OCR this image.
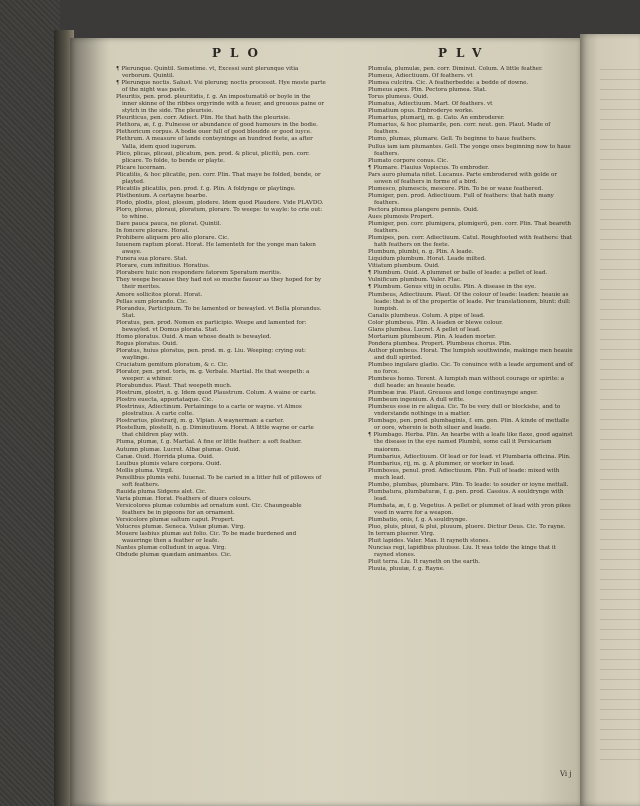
PLO	PLV

¶ Plerunque. Quintil. Sometime. vt, Excessi sunt plerunque vitia verborum. Quintil.

¶ Plerunque noctis. Salust. Vsi plerunq; noctis processit. Hye moste parte of the night was paste.

Pleuritis, pen. prod. pleuritidis, f. g. An impostumatiõ or boyle in the inner skinne of the ribbes orgyrinde with a feuer, and greuous paine or stytch in the side. The pleurisie.

Pleuriticus, pen. corr. Adiect. Plin. He that hath the pleurisie.

Plethora, æ, f. g. Fulnesse or abundance of good humours in the bodie.

Plethoricum corpus. A bodie ouer full of good bloudde or good iuyce.

Plethrum. A measure of lande conteyninge an hundred feete, as after Valla, idem quod iugerum.

Plico, plicas, plicaui, plicatum, pen. prod. & plicui, plicitũ, pen. corr. plicare. To folde, to bende or playte.

Plicare lucernam.

Plicatilis, & hoc plicatile, pen. corr. Plin. That maye be folded, bende, or playted.

Plicatilis plicatilis, pen. prod. f. g. Plin. A foldynge or playtinge.

Plisthenium. A certayne hearbe.

Plodo, plodis, plosi, plosum, plodere. Idem quod Plaudere. Vide PLAVDO.

Ploro, ploras, ploraui, ploratum, plorare. To weepe: to wayle: to crie out: to whine.

Dare pauca pauca, ne plorat. Quintil.

In foncere plorare. Horat.

Prohibere aliquem pro alio plorare. Cic.

Iuuenem raptum plorat. Horat. He lamenteth for the yonge man taken awaye.

Funera sua plorare. Stat.

Plorare, cum infinitiuo. Horatius.

Plorabere huic non respondere fatorem Speratum meritis.

They weepe because they had not so muche fauour as they hoped for by their merites.

Amore sollicitos plorat. Horat.

Pellas sum plorando. Cic.

Plorandus, Participium. To be lamented or bewayled. vt Bella plorandus. Stat.

Ploratus, pen. prod. Nomen ex participio. Weepe and lamented for: bewayled. vt Domus plorata. Stat.

Homo ploratus. Ouid. A man whose death is bewayled.

Rogus ploratus. Ouid.

Ploratus, huius ploratus, pen. prod. m. g. Liu. Weeping: crying out: waylinge.

Cruciatum gemitum ploratum, & c. Cic.

Plorator, pen. prod. toris, m. g. Verbale. Martial. He that weepeth: a weeper: a whiner.

Plorabundus. Plaut. That weepeth much.

Plostrum, plostri, n. g. Idem quod Plaustrum. Colum. A waine or carte.

Plostro euecta, apportataque. Cic.

Plostrinus, Adiectinum. Pertaininge to a carte or wayne. vt Almos plostratius. A carte colte.

Plostrarius, plostrarij, m. g. Vlpian. A waynerman: a carter.

Plostellum, plostelli, n. g. Diminutiuum. Horat. A little wayne or carte that children play with.

Pluma, plumæ, f. g. Martial. A fine or little feather: a soft feather.

Autumn plumæ. Lucret. Albæ plumæ. Ouid.

Canæ. Ouid. Horrida pluma. Ouid.

Leuibus plumis velare corpora. Ouid.

Mollis pluma. Virgil.

Pensilibus plumis vehi. Iuuenal. To be caried in a litter full of pillowes of soft feathers.

Rauida pluma Sidgens alet. Cic.

Varia plumæ. Horat. Feathers of diuers colours.

Versicolores plumæ columbis ad ornatum sunt. Cic. Chaungeable feathers be in pigeons for an ornament.

Versicolore plumæ saltum caput. Propert.

Volucres plumæ. Seneca. Vulsæ plumæ. Virg.

Mouere lasbius plumæ aut folio. Cic. To be made burdened and waueringe then a feather or leafe.

Nantes plumæ colludunt in aqua. Virg.

Obdude plumæ quædam animantes. Cic.

Plumula, plumulæ, pen. corr. Diminut. Colum. A little feather.

Plumeus, Adiectiuum. Of feathers. vt

Plumea culcitra. Cic. A featherbedde: a bedde of downe.

Plumeus apex. Plin. Pectora plumea. Stat.

Torus plumeus. Ouid.

Plumatus, Adiectiuum. Mart. Of feathers. vt

Plumatium opus. Embroderye worke.

Plumarius, plumarij, m. g. Cato. An embroderer.

Plumarius, & hoc plumarile, pen. corr. neut. gen. Plaut. Made of feathers.

Plumo, plumas, plumare. Gell. To beginne to haue feathers.

Pullus iam iam plumantes. Gell. The yonge ones beginning now to haue feathers.

Plumato corpore conus. Cic.

¶ Plumare. Flauius Vopiscus. To embroder.

Pars auro plumata nitet. Lucanus. Parte embrodered with golde or sowen of feathers in forme of a bird.

Plumesco, plumescis, mescere. Plin. To be or waxe feathered.

Plumiger, pen. prod. Adiectiuum. Full of feathers: that hath many feathers.

Pectora plumea plangere pennis. Ouid.

Aues plumosis Propert.

Plumiger, pen. corr. plumigera, plumigerũ, pen. corr. Plin. That beareth feathers.

Plumipes, pen. corr. Adiectiuum. Catul. Roughfooted with feathers: that hath feathers on the feete.

Plumbum, plumbi, n. g. Plin. A leade.

Liquidum plumbum. Horat. Leade milted.

Vitiatum plumbum. Ouid.

¶ Plumbum. Ouid. A plummet or balle of leade: a pellet of lead.

Vulnificum plumbum. Valer. Flac.

¶ Plumbum. Genus vitij in oculis. Plin. A disease in the eye.

Plumbeus, Adiectiuum. Plaut. Of the colour of leade: leaden: heauie as leade: that is of the propertie of leade. Per translationem, blunt: dull: lumpish.

Canalis plumbeus. Colum. A pipe of lead.

Color plumbeus. Plin. A leaden or blewe colour.

Glans plumbea. Lucret. A pellet of lead.

Mortarium plumbeum. Plin. A leaden morter.

Pondera plumbea. Propert. Plumbeus chorus. Plin.

Author plumbeus. Horat. The lumpish southwinde, makinge men heauie and dull spirited.

Plumbeo ingulare gladio. Cic. To conuince with a leade argument and of no force.

Plumbeus homo. Terent. A lumpish man without courage or spirite: a dull heade: an heauie heade.

Plumbeæ iræ. Plaut. Greuous and longe continuynge anger.

Plumbeum ingenium. A dull witte.

Plumbeus esse in re aliqua. Cic. To be very dull or blockishe, and to vnderstande nothinge in a matter.

Plumbago, pen. prod. plumbaginis, f. em. gen. Plin. A kinde of mettalle or oore, wherein is both siluer and leade.

¶ Plumbago. Herba. Plin. An hearbe with a leafe like flaxe, good against the disease in the eye named Plumbũ, some call it Persicariam maiorem.

Plumbarius, Adiectiuum. Of lead or for lead. vt Plumbaria officina. Plin.

Plumbarius, rij, m. g. A plummer, or worker in lead.

Plumbosus, penul. prod. Adiectiuum. Plin. Full of leade: mixed with much lead.

Plumbo, plumbas, plumbare. Plin. To leade: to souder or ioyne mettall.

Plumbatura, plumbaturæ, f. g. pen. prod. Cassius. A souldrynge with lead.

Plumbata, æ, f. g. Vegetius. A pellet or plummet of lead with yron pikes vsed in warre for a weapon.

Plumbatio, onis, f. g. A souldrynge.

Pluo, pluis, pluui, & plui, pluuum, pluere. Dictiur Deus. Cic. To rayne.

In terram pluerer. Virg.

Pluit lapides. Valer. Max. It rayneth stones.

Nuncias regi, lapidibus pluuisse. Liu. It was tolde the kinge that it rayned stones.

Pluit terra. Liu. It rayneth on the earth.

Pluuia, pluuiæ, f. g. Rayne.

Vi j
